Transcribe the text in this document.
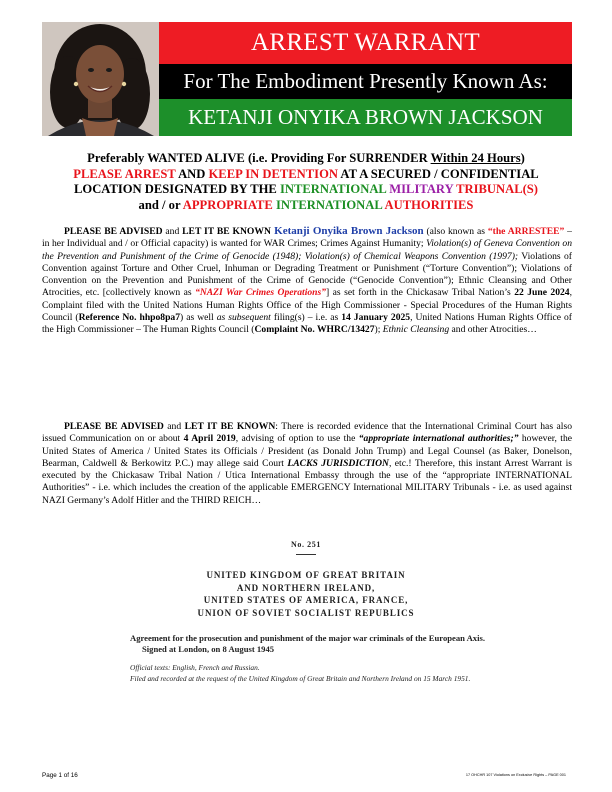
ARREST WARRANT
For The Embodiment Presently Known As:
KETANJI ONYIKA BROWN JACKSON
Preferably WANTED ALIVE (i.e. Providing For SURRENDER Within 24 Hours)
PLEASE ARREST AND KEEP IN DETENTION AT A SECURED / CONFIDENTIAL
LOCATION DESIGNATED BY THE INTERNATIONAL MILITARY TRIBUNAL(S)
and / or APPROPRIATE INTERNATIONAL AUTHORITIES

PLEASE BE ADVISED and LET IT BE KNOWN Ketanji Onyika Brown Jackson (also known as “the ARRESTEE” – in her Individual and / or Official capacity) is wanted for WAR Crimes; Crimes Against Humanity; Violation(s) of Geneva Convention on the Prevention and Punishment of the Crime of Genocide (1948); Violation(s) of Chemical Weapons Convention (1997); Violations of Convention against Torture and Other Cruel, Inhuman or Degrading Treatment or Punishment (“Torture Convention”); Violations of Convention on the Prevention and Punishment of the Crime of Genocide (“Genocide Convention”); Ethnic Cleansing and Other Atrocities, etc. [collectively known as “NAZI War Crimes Operations”] as set forth in the Chickasaw Tribal Nation’s 22 June 2024, Complaint filed with the United Nations Human Rights Office of the High Commissioner - Special Procedures of the Human Rights Council (Reference No. hhpo8pa7) as well as subsequent filing(s) – i.e. as 14 January 2025, United Nations Human Rights Office of the High Commissioner – The Human Rights Council (Complaint No. WHRC/13427); Ethnic Cleansing and other Atrocities…

PLEASE BE ADVISED and LET IT BE KNOWN: There is recorded evidence that the International Criminal Court has also issued Communication on or about 4 April 2019, advising of option to use the “appropriate international authorities;” however, the United States of America / United States its Officials / President (as Donald John Trump) and Legal Counsel (as Baker, Donelson, Bearman, Caldwell & Berkowitz P.C.) may allege said Court LACKS JURISDICTION, etc.! Therefore, this instant Arrest Warrant is executed by the Chickasaw Tribal Nation / Utica International Embassy through the use of the “appropriate INTERNATIONAL Authorities” - i.e. which includes the creation of the applicable EMERGENCY International MILITARY Tribunals - i.e. as used against NAZI Germany’s Adolf Hitler and the THIRD REICH…

No. 251
UNITED KINGDOM OF GREAT BRITAIN
AND NORTHERN IRELAND,
UNITED STATES OF AMERICA, FRANCE,
UNION OF SOVIET SOCIALIST REPUBLICS
Agreement for the prosecution and punishment of the major war criminals of the European Axis. Signed at London, on 8 August 1945
Official texts: English, French and Russian.
Filed and recorded at the request of the United Kingdom of Great Britain and Northern Ireland on 15 March 1951.
Page 1 of 16	17 OHCHR 107 Violations on Exclusive Rights – PAGE 001
